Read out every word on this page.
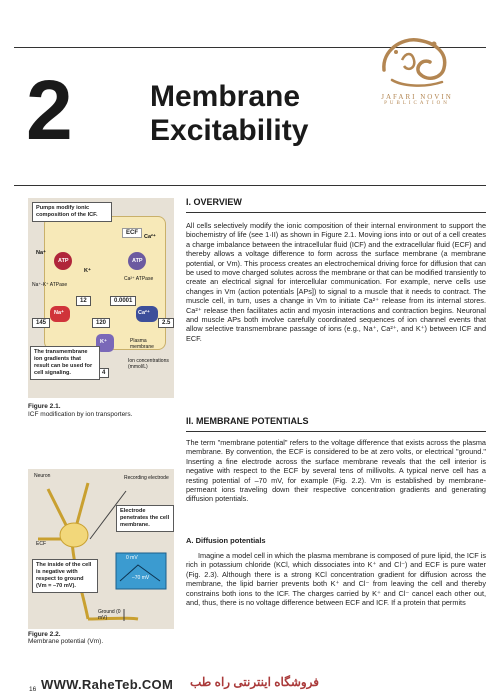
2	Membrane
Excitability
JAFARI NOVIN
PUBLICATION
Pumps modify ionic composition of the ICF.
ECF
ATP	ATP
Na⁺
K⁺
Ca²⁺
Na⁺-K⁺ ATPase
Ca²⁺ ATPase
12	0.0001
Na⁺	Ca²⁺
145	120	2.5
K⁺
4
Plasma membrane
Ion concentrations (mmol/L)
The transmembrane ion gradients that result can be used for cell signaling.
Figure 2.1.
ICF modification by ion transporters.
Neuron	Recording electrode
Electrode penetrates the cell membrane.
ECF
The inside of the cell is negative with respect to ground (Vm = –70 mV).
0 mV
–70 mV
Ground (0 mV)
Figure 2.2.
Membrane potential (Vm).
I. OVERVIEW
All cells selectively modify the ionic composition of their internal environment to support the biochemistry of life (see 1·II) as shown in Figure 2.1. Moving ions into or out of a cell creates a charge imbalance between the intracellular fluid (ICF) and the extracellular fluid (ECF) and thereby allows a voltage difference to form across the surface membrane (a membrane potential, or Vm). This process creates an electrochemical driving force for diffusion that can be used to move charged solutes across the membrane or that can be modified transiently to create an electrical signal for intercellular communication. For example, nerve cells use changes in Vm (action potentials [APs]) to signal to a muscle that it needs to contract. The muscle cell, in turn, uses a change in Vm to initiate Ca²⁺ release from its internal stores. Ca²⁺ release then facilitates actin and myosin interactions and contraction begins. Neuronal and muscle APs both involve carefully coordinated sequences of ion channel events that allow selective transmembrane passage of ions (e.g., Na⁺, Ca²⁺, and K⁺) between ICF and ECF.
II. MEMBRANE POTENTIALS
The term "membrane potential" refers to the voltage difference that exists across the plasma membrane. By convention, the ECF is considered to be at zero volts, or electrical "ground." Inserting a fine electrode across the surface membrane reveals that the cell interior is negative with respect to the ECF by several tens of millivolts. A typical nerve cell has a resting potential of –70 mV, for example (Fig. 2.2). Vm is established by membrane-permeant ions traveling down their respective concentration gradients and generating diffusion potentials.
A. Diffusion potentials
Imagine a model cell in which the plasma membrane is composed of pure lipid, the ICF is rich in potassium chloride (KCl, which dissociates into K⁺ and Cl⁻) and ECF is pure water (Fig. 2.3). Although there is a strong KCl concentration gradient for diffusion across the membrane, the lipid barrier prevents both K⁺ and Cl⁻ from leaving the cell and thereby constrains both ions to the ICF. The charges carried by K⁺ and Cl⁻ cancel each other out, and, thus, there is no voltage difference between ECF and ICF. If a protein that permits
16 WWW.RaheTeb.COM فروشگاه اینترنتی راه طب
